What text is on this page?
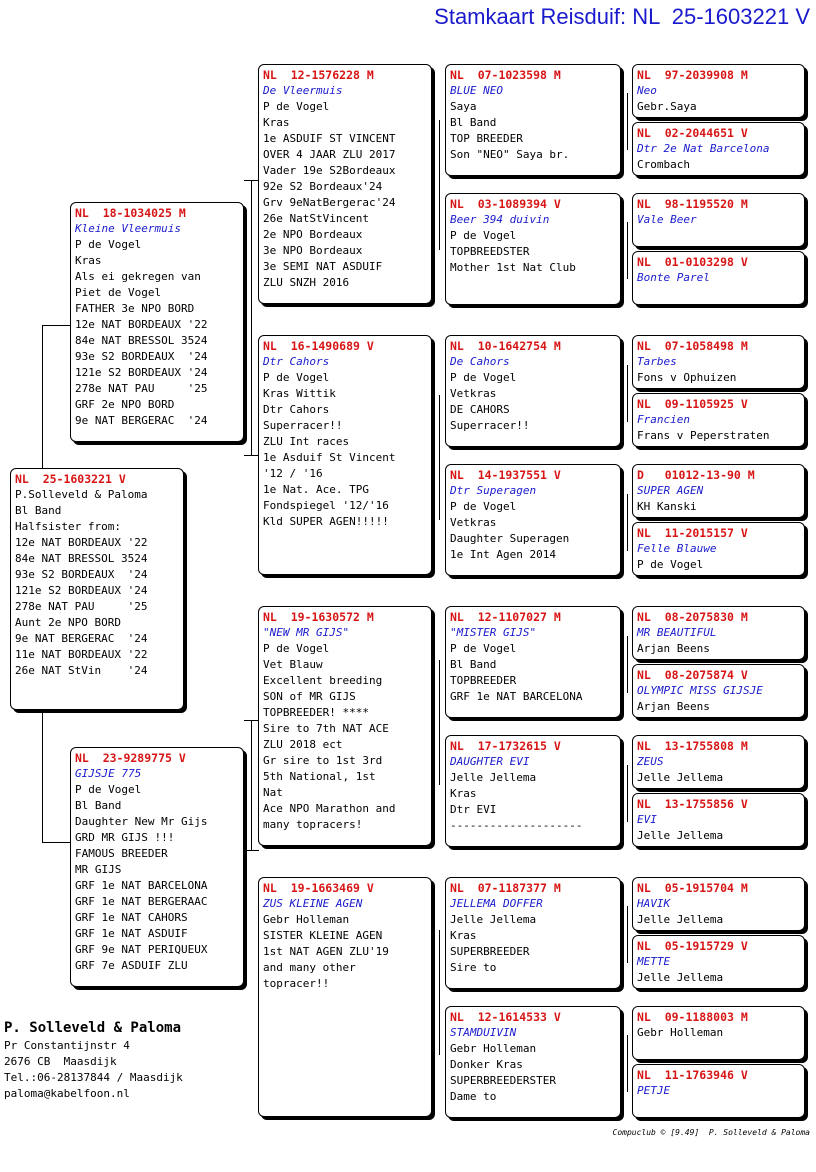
Stamkaart Reisduif: NL  25-1603221 V
NL  25-1603221 V
P.Solleveld & Paloma
Bl Band
Halfsister from:
12e NAT BORDEAUX '22
84e NAT BRESSOL 3524
93e S2 BORDEAUX  '24
121e S2 BORDEAUX '24
278e NAT PAU     '25
Aunt 2e NPO BORD
9e NAT BERGERAC  '24
11e NAT BORDEAUX '22
26e NAT StVin    '24
NL  18-1034025 M
Kleine Vleermuis
P de Vogel
Kras
Als ei gekregen van
Piet de Vogel
FATHER 3e NPO BORD
12e NAT BORDEAUX '22
84e NAT BRESSOL 3524
93e S2 BORDEAUX  '24
121e S2 BORDEAUX '24
278e NAT PAU     '25
GRF 2e NPO BORD
9e NAT BERGERAC  '24
NL  23-9289775 V
GIJSJE 775
P de Vogel
Bl Band
Daughter New Mr Gijs
GRD MR GIJS !!!
FAMOUS BREEDER
MR GIJS
GRF 1e NAT BARCELONA
GRF 1e NAT BERGERAAC
GRF 1e NAT CAHORS
GRF 1e NAT ASDUIF
GRF 9e NAT PERIQUEUX
GRF 7e ASDUIF ZLU
NL  12-1576228 M
De Vleermuis
P de Vogel
Kras
1e ASDUIF ST VINCENT
OVER 4 JAAR ZLU 2017
Vader 19e S2Bordeaux
92e S2 Bordeaux'24
Grv 9eNatBergerac'24
26e NatStVincent
2e NPO Bordeaux
3e NPO Bordeaux
3e SEMI NAT ASDUIF
ZLU SNZH 2016
NL  16-1490689 V
Dtr Cahors
P de Vogel
Kras Wittik
Dtr Cahors
Superracer!!
ZLU Int races
1e Asduif St Vincent
'12 / '16
1e Nat. Ace. TPG
Fondspiegel '12/'16
Kld SUPER AGEN!!!!!
NL  19-1630572 M
"NEW MR GIJS"
P de Vogel
Vet Blauw
Excellent breeding
SON of MR GIJS
TOPBREEDER! ****
Sire to 7th NAT ACE
ZLU 2018 ect
Gr sire to 1st 3rd
5th National, 1st
Nat
Ace NPO Marathon and
many topracers!
NL  19-1663469 V
ZUS KLEINE AGEN
Gebr Holleman
SISTER KLEINE AGEN
1st NAT AGEN ZLU'19
and many other
topracer!!
NL  07-1023598 M
BLUE NEO
Saya
Bl Band
TOP BREEDER
Son "NEO" Saya br.
NL  03-1089394 V
Beer 394 duivin
P de Vogel
TOPBREEDSTER
Mother 1st Nat Club
NL  10-1642754 M
De Cahors
P de Vogel
Vetkras
DE CAHORS
Superracer!!
NL  14-1937551 V
Dtr Superagen
P de Vogel
Vetkras
Daughter Superagen
1e Int Agen 2014
NL  12-1107027 M
"MISTER GIJS"
P de Vogel
Bl Band
TOPBREEDER
GRF 1e NAT BARCELONA
NL  17-1732615 V
DAUGHTER EVI
Jelle Jellema
Kras
Dtr EVI
--------------------
NL  07-1187377 M
JELLEMA DOFFER
Jelle Jellema
Kras
SUPERBREEDER
Sire to
NL  12-1614533 V
STAMDUIVIN
Gebr Holleman
Donker Kras
SUPERBREEDERSTER
Dame to
NL  97-2039908 M
Neo
Gebr.Saya
NL  02-2044651 V
Dtr 2e Nat Barcelona
Crombach
NL  98-1195520 M
Vale Beer
NL  01-0103298 V
Bonte Parel
NL  07-1058498 M
Tarbes
Fons v Ophuizen
NL  09-1105925 V
Francien
Frans v Peperstraten
D   01012-13-90 M
SUPER AGEN
KH Kanski
NL  11-2015157 V
Felle Blauwe
P de Vogel
NL  08-2075830 M
MR BEAUTIFUL
Arjan Beens
NL  08-2075874 V
OLYMPIC MISS GIJSJE
Arjan Beens
NL  13-1755808 M
ZEUS
Jelle Jellema
NL  13-1755856 V
EVI
Jelle Jellema
NL  05-1915704 M
HAVIK
Jelle Jellema
NL  05-1915729 V
METTE
Jelle Jellema
NL  09-1188003 M
Gebr Holleman
NL  11-1763946 V
PETJE
P. Solleveld & Paloma
Pr Constantijnstr 4
2676 CB  Maasdijk
Tel.:06-28137844 / Maasdijk
paloma@kabelfoon.nl
Compuclub © [9.49]  P. Solleveld & Paloma
